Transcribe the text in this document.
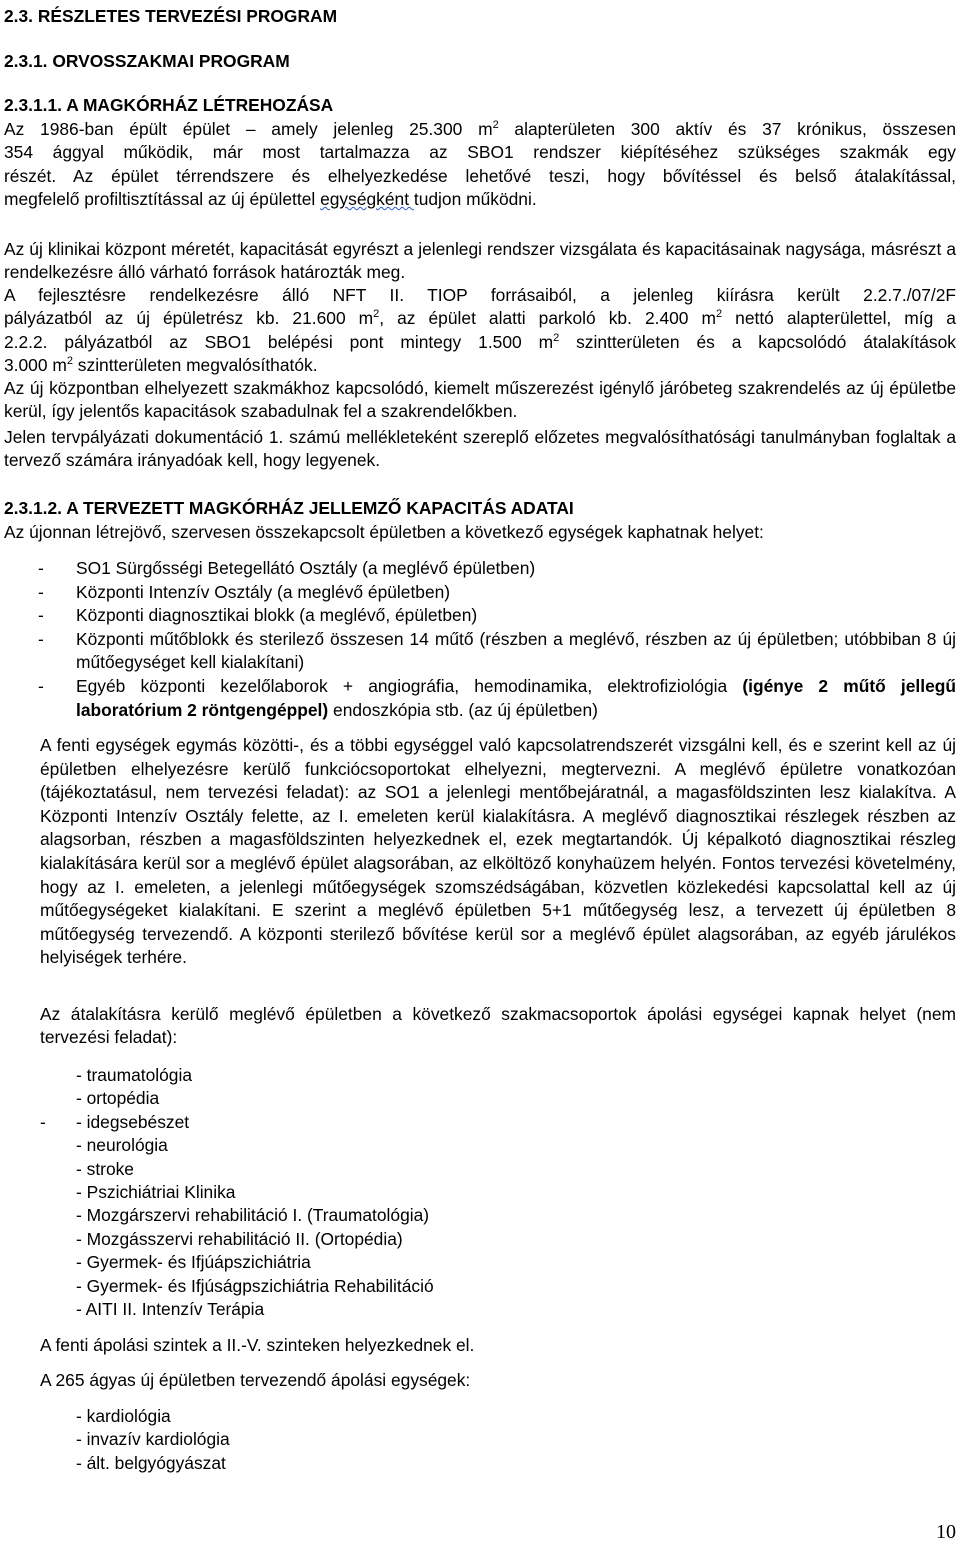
2.3. RÉSZLETES TERVEZÉSI PROGRAM
2.3.1. ORVOSSZAKMAI PROGRAM
2.3.1.1. A MAGKÓRHÁZ LÉTREHOZÁSA

Az 1986-ban épült épület – amely jelenleg 25.300 $m^2$ alapterületen 300 aktív és 37 krónikus, összesen

354 ággyal működik, már most tartalmazza az SBO1 rendszer kiépítéséhez szükséges szakmák egy

részét. Az épület térrendszere és elhelyezkedése lehetővé teszi, hogy bővítéssel és belső átalakítással,

megfelelő profiltisztítással az új épülettel egységként tudjon működni.

Az új klinikai központ méretét, kapacitását egyrészt a jelenlegi rendszer vizsgálata és kapacitásainak nagysága, másrészt a rendelkezésre álló várható források határozták meg.

A fejlesztésre rendelkezésre álló NFT II. TIOP forrásaiból, a jelenleg kiírásra került 2.2.7./07/2F

pályázatból az új épületrész kb. 21.600 $m^2$, az épület alatti parkoló kb. 2.400 $m^2$ nettó alapterülettel, míg a

2.2.2. pályázatból az SBO1 belépési pont mintegy 1.500 $m^2$ szintterületen és a kapcsolódó átalakítások

3.000 $m^2$ szintterületen megvalósíthatók.

Az új központban elhelyezett szakmákhoz kapcsolódó, kiemelt műszerezést igénylő járóbeteg szakrendelés az új épületbe kerül, így jelentős kapacitások szabadulnak fel a szakrendelőkben.

Jelen tervpályázati dokumentáció 1. számú mellékleteként szereplő előzetes megvalósíthatósági tanulmányban foglaltak a tervező számára irányadóak kell, hogy legyenek.

2.3.1.2. A TERVEZETT MAGKÓRHÁZ JELLEMZŐ KAPACITÁS ADATAI

Az újonnan létrejövő, szervesen összekapcsolt épületben a következő egységek kaphatnak helyet:

- SO1 Sürgősségi Betegellátó Osztály (a meglévő épületben)
- Központi Intenzív Osztály (a meglévő épületben)
- Központi diagnosztikai blokk (a meglévő, épületben)
- Központi műtőblokk és sterilező összesen 14 műtő (részben a meglévő, részben az új épületben; utóbbiban 8 új műtőegységet kell kialakítani)
- Egyéb központi kezelőlaborok + angiográfia, hemodinamika, elektrofiziológia (igénye 2 műtő jellegű laboratórium 2 röntgengéppel) endoszkópia stb. (az új épületben)

A fenti egységek egymás közötti-, és a többi egységgel való kapcsolatrendszerét vizsgálni kell, és e szerint kell az új épületben elhelyezésre kerülő funkciócsoportokat elhelyezni, megtervezni. A meglévő épületre vonatkozóan (tájékoztatásul, nem tervezési feladat): az SO1 a jelenlegi mentőbejáratnál, a magasföldszinten lesz kialakítva. A Központi Intenzív Osztály felette, az I. emeleten kerül kialakításra. A meglévő diagnosztikai részlegek részben az alagsorban, részben a magasföldszinten helyezkednek el, ezek megtartandók. Új képalkotó diagnosztikai részleg kialakítására kerül sor a meglévő épület alagsorában, az elköltöző konyhaüzem helyén. Fontos tervezési követelmény, hogy az I. emeleten, a jelenlegi műtőegységek szomszédságában, közvetlen közlekedési kapcsolattal kell az új műtőegységeket kialakítani. E szerint a meglévő épületben 5+1 műtőegység lesz, a tervezett új épületben 8 műtőegység tervezendő. A központi sterilező bővítése kerül sor a meglévő épület alagsorában, az egyéb járulékos helyiségek terhére.

Az átalakításra kerülő meglévő épületben a következő szakmacsoportok ápolási egységei kapnak helyet (nem tervezési feladat):

-
- traumatológia
- ortopédia
- idegsebészet
- neurológia
- stroke
- Pszichiátriai Klinika
- Mozgárszervi rehabilitáció I. (Traumatológia)
- Mozgásszervi rehabilitáció II. (Ortopédia)
- Gyermek- és Ifjúápszichiátria
- Gyermek- és Ifjúságpszichiátria Rehabilitáció
- AITI II. Intenzív Terápia

A fenti ápolási szintek a II.-V. szinteken helyezkednek el.

A 265 ágyas új épületben tervezendő ápolási egységek:

- kardiológia
- invazív kardiológia
- ált. belgyógyászat
10
